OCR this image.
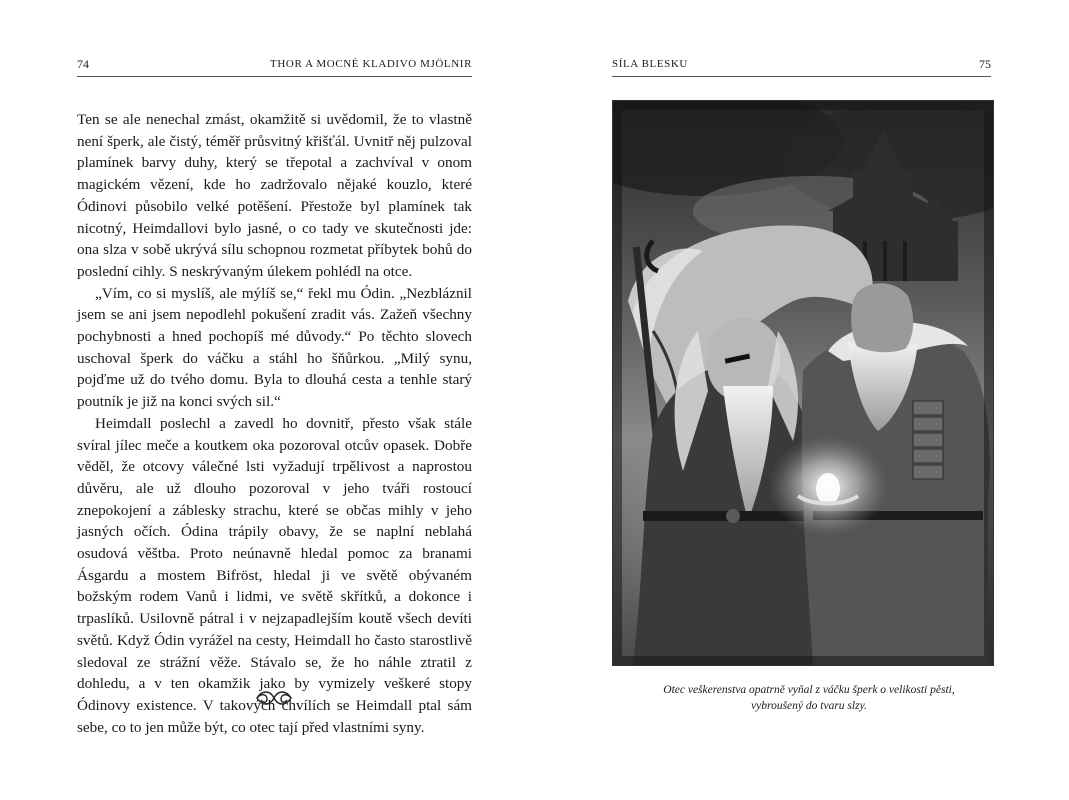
74	THOR A MOCNÉ KLADIVO MJÖLNIR

Ten se ale nenechal zmást, okamžitě si uvědomil, že to vlastně není šperk, ale čistý, téměř průsvitný křišťál. Uvnitř něj pulzoval plamínek barvy duhy, který se třepotal a zachvíval v onom magickém vězení, kde ho zadržovalo nějaké kouzlo, které Ódinovi působilo velké potěšení. Přestože byl plamínek tak nicotný, Heimdallovi bylo jasné, o co tady ve skutečnosti jde: ona slza v sobě ukrývá sílu schopnou rozmetat příbytek bohů do poslední cihly. S neskrývaným úlekem pohlédl na otce.

„Vím, co si myslíš, ale mýlíš se,“ řekl mu Ódin. „Nezbláznil jsem se ani jsem nepodlehl pokušení zradit vás. Zažeň všechny pochybnosti a hned pochopíš mé důvody.“ Po těchto slovech uschoval šperk do váčku a stáhl ho šňůrkou. „Milý synu, pojďme už do tvého domu. Byla to dlouhá cesta a tenhle starý poutník je již na konci svých sil.“

Heimdall poslechl a zavedl ho dovnitř, přesto však stále svíral jílec meče a koutkem oka pozoroval otcův opasek. Dobře věděl, že otcovy válečné lsti vyžadují trpělivost a naprostou důvěru, ale už dlouho pozoroval v jeho tváři rostoucí znepokojení a záblesky strachu, které se občas mihly v jeho jasných očích. Ódina trápily obavy, že se naplní neblahá osudová věštba. Proto neúnavně hledal pomoc za branami Ásgardu a mostem Bifröst, hledal ji ve světě obývaném božským rodem Vanů i lidmi, ve světě skřítků, a dokonce i trpaslíků. Usilovně pátral i v nejzapadlejším koutě všech devíti světů. Když Ódin vyrážel na cesty, Heimdall ho často starostlivě sledoval ze strážní věže. Stávalo se, že ho náhle ztratil z dohledu, a v ten okamžik jako by vymizely veškeré stopy Ódinovy existence. V takových chvílích se Heimdall ptal sám sebe, co to jen může být, co otec tají před vlastními syny.

SÍLA BLESKU	75
Otec veškerenstva opatrně vyňal z váčku šperk o velikosti pěsti, vybroušený do tvaru slzy.
